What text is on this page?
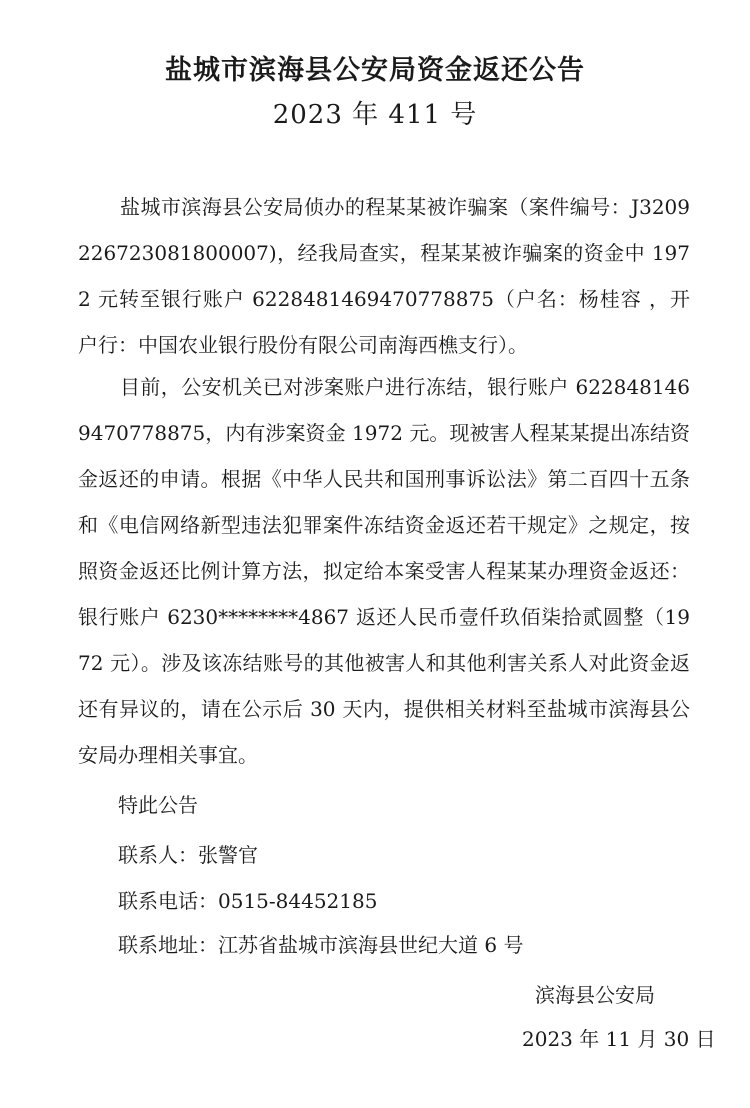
盐城市滨海县公安局资金返还公告
2023 年 411 号

盐城市滨海县公安局侦办的程某某被诈骗案（案件编号：J3209226723081800007)，经我局查实，程某某被诈骗案的资金中 1972 元转至银行账户 6228481469470778875（户名：杨桂容 ，开户行：中国农业银行股份有限公司南海西樵支行）。

目前，公安机关已对涉案账户进行冻结，银行账户 6228481469470778875，内有涉案资金 1972 元。现被害人程某某提出冻结资金返还的申请。根据《中华人民共和国刑事诉讼法》第二百四十五条和《电信网络新型违法犯罪案件冻结资金返还若干规定》之规定，按照资金返还比例计算方法，拟定给本案受害人程某某办理资金返还：银行账户 6230********4867 返还人民币壹仟玖佰柒拾贰圆整（1972 元）。涉及该冻结账号的其他被害人和其他利害关系人对此资金返还有异议的，请在公示后 30 天内，提供相关材料至盐城市滨海县公安局办理相关事宜。

特此公告

联系人：张警官

联系电话：0515-84452185

联系地址：江苏省盐城市滨海县世纪大道 6 号

滨海县公安局
2023 年 11 月 30 日
